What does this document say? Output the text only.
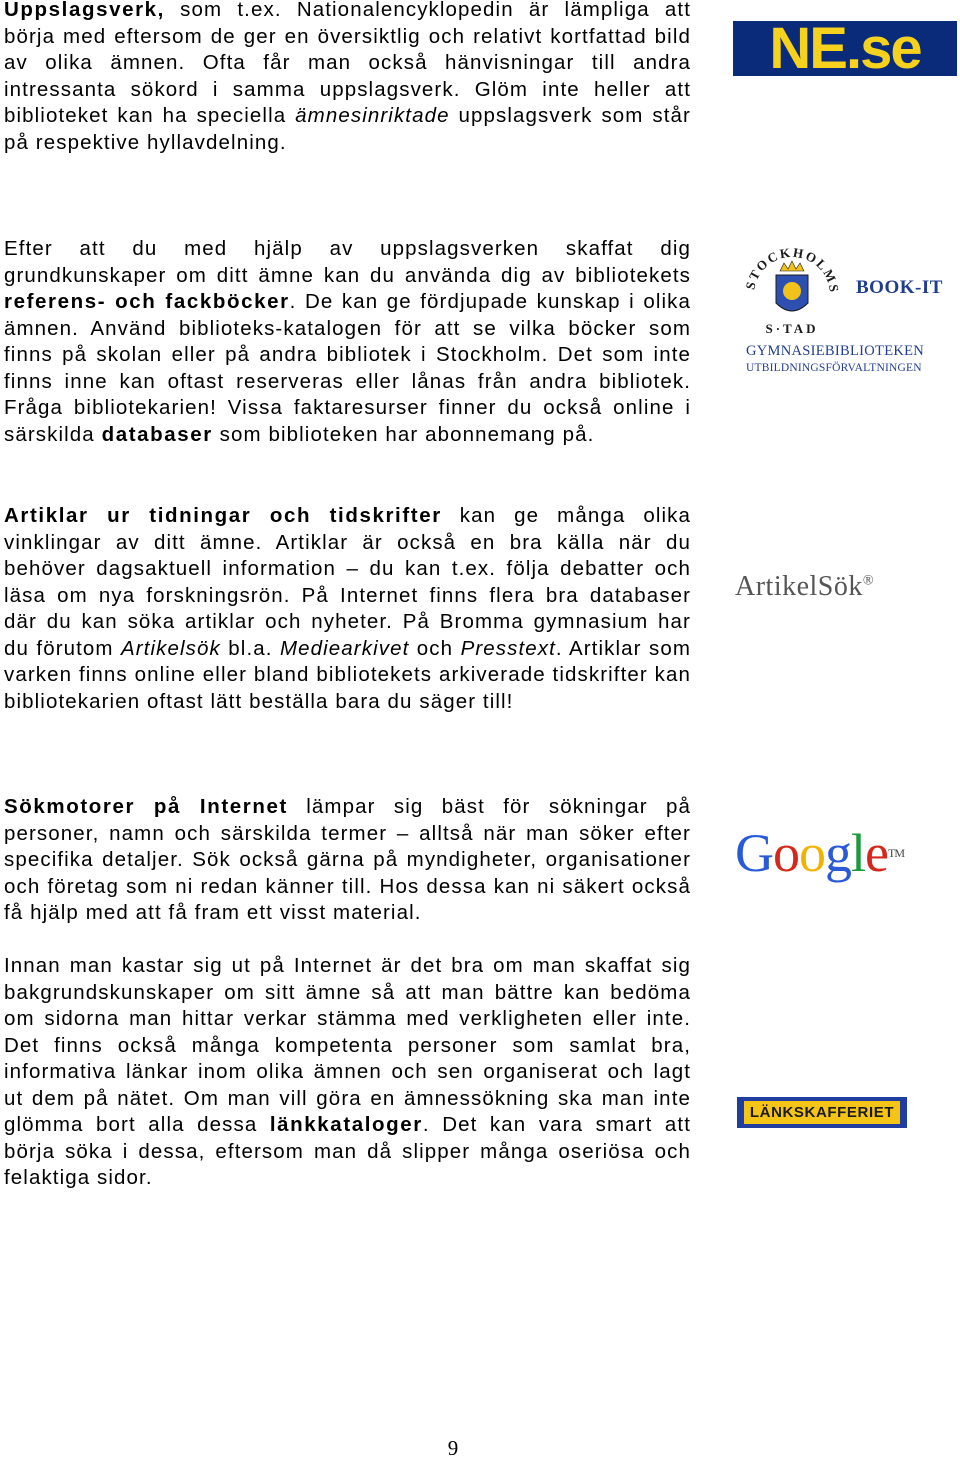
Uppslagsverk, som t.ex. Nationalencyklopedin är lämpliga att börja med eftersom de ger en översiktlig och relativt kortfattad bild av olika ämnen. Ofta får man också hänvisningar till andra intressanta sökord i samma uppslagsverk. Glöm inte heller att biblioteket kan ha speciella ämnesinriktade uppslagsverk som står på respektive hyllavdelning.

Efter att du med hjälp av uppslagsverken skaffat dig grundkunskaper om ditt ämne kan du använda dig av bibliotekets referens- och fackböcker. De kan ge fördjupade kunskap i olika ämnen. Använd biblioteks-katalogen för att se vilka böcker som finns på skolan eller på andra bibliotek i Stockholm. Det som inte finns inne kan oftast reserveras eller lånas från andra bibliotek. Fråga bibliotekarien! Vissa faktaresurser finner du också online i särskilda databaser som biblioteken har abonnemang på.

Artiklar ur tidningar och tidskrifter kan ge många olika vinklingar av ditt ämne. Artiklar är också en bra källa när du behöver dagsaktuell information – du kan t.ex. följa debatter och läsa om nya forskningsrön. På Internet finns flera bra databaser där du kan söka artiklar och nyheter. På Bromma gymnasium har du förutom Artikelsök bl.a. Mediearkivet och Presstext. Artiklar som varken finns online eller bland bibliotekets arkiverade tidskrifter kan bibliotekarien oftast lätt beställa bara du säger till!

Sökmotorer på Internet lämpar sig bäst för sökningar på personer, namn och särskilda termer – alltså när man söker efter specifika detaljer. Sök också gärna på myndigheter, organisationer och företag som ni redan känner till. Hos dessa kan ni säkert också få hjälp med att få fram ett visst material.

Innan man kastar sig ut på Internet är det bra om man skaffat sig bakgrundskunskaper om sitt ämne så att man bättre kan bedöma om sidorna man hittar verkar stämma med verkligheten eller inte. Det finns också många kompetenta personer som samlat bra, informativa länkar inom olika ämnen och sen organiserat och lagt ut dem på nätet. Om man vill göra en ämnessökning ska man inte glömma bort alla dessa länkkataloger. Det kan vara smart att börja söka i dessa, eftersom man då slipper många oseriösa och felaktiga sidor.

NE.se
STOCKHOLMS
S·TAD
BOOK-IT
GYMNASIEBIBLIOTEKEN
UTBILDNINGSFÖRVALTNINGEN
ArtikelSök®
Google™
LÄNKSKAFFERIET
9
